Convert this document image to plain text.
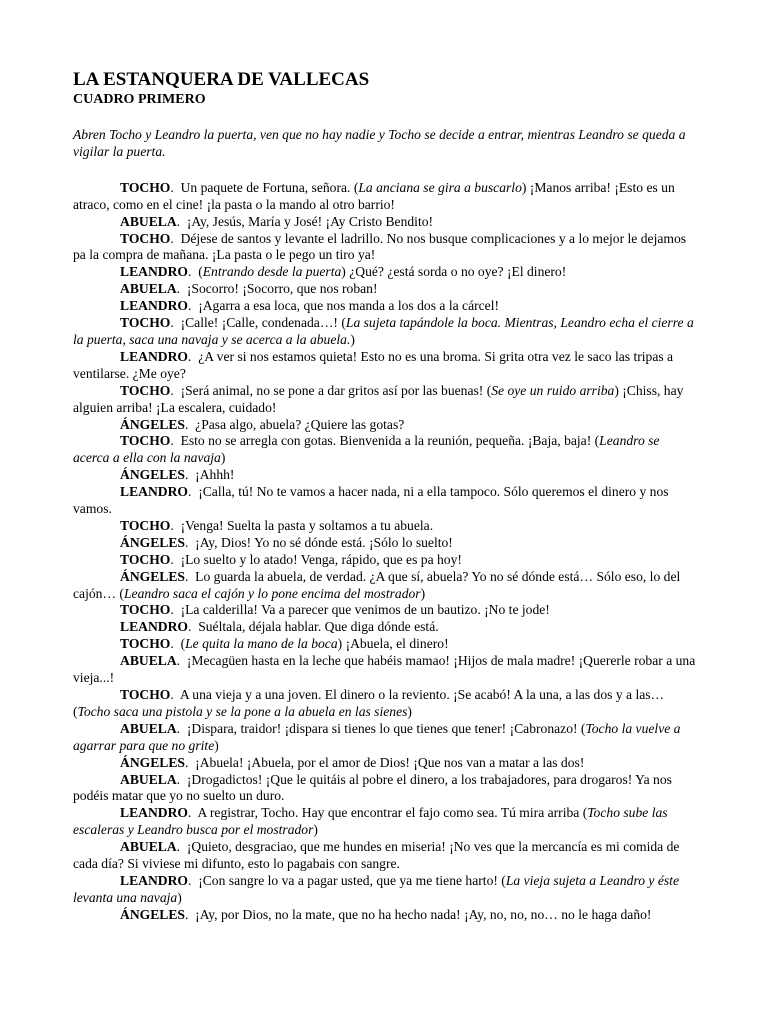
LA ESTANQUERA DE VALLECAS
CUADRO PRIMERO

Abren Tocho y Leandro la puerta, ven que no hay nadie y Tocho se decide a entrar, mientras Leandro se queda a vigilar la puerta.

TOCHO.  Un paquete de Fortuna, señora. (La anciana se gira a buscarlo) ¡Manos arriba! ¡Esto es un atraco, como en el cine! ¡la pasta o la mando al otro barrio!

ABUELA.  ¡Ay, Jesús, María y José! ¡Ay Cristo Bendito!

TOCHO.  Déjese de santos y levante el ladrillo. No nos busque complicaciones y a lo mejor le dejamos pa la compra de mañana. ¡La pasta o le pego un tiro ya!

LEANDRO.  (Entrando desde la puerta) ¿Qué? ¿está sorda o no oye? ¡El dinero!

ABUELA.  ¡Socorro! ¡Socorro, que nos roban!

LEANDRO.  ¡Agarra a esa loca, que nos manda a los dos a la cárcel!

TOCHO.  ¡Calle! ¡Calle, condenada…! (La sujeta tapándole la boca. Mientras, Leandro echa el cierre a la puerta, saca una navaja y se acerca a la abuela.)

LEANDRO.  ¿A ver si nos estamos quieta! Esto no es una broma. Si grita otra vez le saco las tripas a ventilarse. ¿Me oye?

TOCHO.  ¡Será animal, no se pone a dar gritos así por las buenas! (Se oye un ruido arriba) ¡Chiss, hay alguien arriba! ¡La escalera, cuidado!

ÁNGELES.  ¿Pasa algo, abuela? ¿Quiere las gotas?

TOCHO.  Esto no se arregla con gotas. Bienvenida a la reunión, pequeña. ¡Baja, baja! (Leandro se acerca a ella con la navaja)

ÁNGELES.  ¡Ahhh!

LEANDRO.  ¡Calla, tú! No te vamos a hacer nada, ni a ella tampoco. Sólo queremos el dinero y nos vamos.

TOCHO.  ¡Venga! Suelta la pasta y soltamos a tu abuela.

ÁNGELES.  ¡Ay, Dios! Yo no sé dónde está. ¡Sólo lo suelto!

TOCHO.  ¡Lo suelto y lo atado! Venga, rápido, que es pa hoy!

ÁNGELES.  Lo guarda la abuela, de verdad. ¿A que sí, abuela? Yo no sé dónde está… Sólo eso, lo del cajón… (Leandro saca el cajón y lo pone encima del mostrador)

TOCHO.  ¡La calderilla! Va a parecer que venimos de un bautizo. ¡No te jode!

LEANDRO.  Suéltala, déjala hablar. Que diga dónde está.

TOCHO.  (Le quita la mano de la boca) ¡Abuela, el dinero!

ABUELA.  ¡Mecagüen hasta en la leche que habéis mamao! ¡Hijos de mala madre! ¡Quererle robar a una vieja...!

TOCHO.  A una vieja y a una joven. El dinero o la reviento. ¡Se acabó! A la una, a las dos y a las… (Tocho saca una pistola y se la pone a la abuela en las sienes)

ABUELA.  ¡Dispara, traidor! ¡dispara si tienes lo que tienes que tener! ¡Cabronazo! (Tocho la vuelve a agarrar para que no grite)

ÁNGELES.  ¡Abuela! ¡Abuela, por el amor de Dios! ¡Que nos van a matar a las dos!

ABUELA.  ¡Drogadictos! ¡Que le quitáis al pobre el dinero, a los trabajadores, para drogaros! Ya nos podéis matar que yo no suelto un duro.

LEANDRO.  A registrar, Tocho. Hay que encontrar el fajo como sea. Tú mira arriba (Tocho sube las escaleras y Leandro busca por el mostrador)

ABUELA.  ¡Quieto, desgraciao, que me hundes en miseria! ¡No ves que la mercancía es mi comida de cada día? Si viviese mi difunto, esto lo pagabais con sangre.

LEANDRO.  ¡Con sangre lo va a pagar usted, que ya me tiene harto! (La vieja sujeta a Leandro y éste levanta una navaja)

ÁNGELES.  ¡Ay, por Dios, no la mate, que no ha hecho nada! ¡Ay, no, no, no… no le haga daño!
